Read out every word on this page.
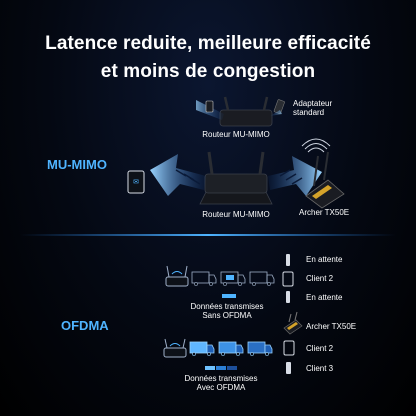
Latence reduite, meilleure efficacité
et moins de congestion
✉
Adaptateur
standard
Routeur MU-MIMO
MU-MIMO
Routeur MU-MIMO	Archer TX50E
En attente
Client 2
En attente
Données transmises
Sans OFDMA
OFDMA	Archer TX50E
Client 2
Client 3
Données transmises
Avec OFDMA
